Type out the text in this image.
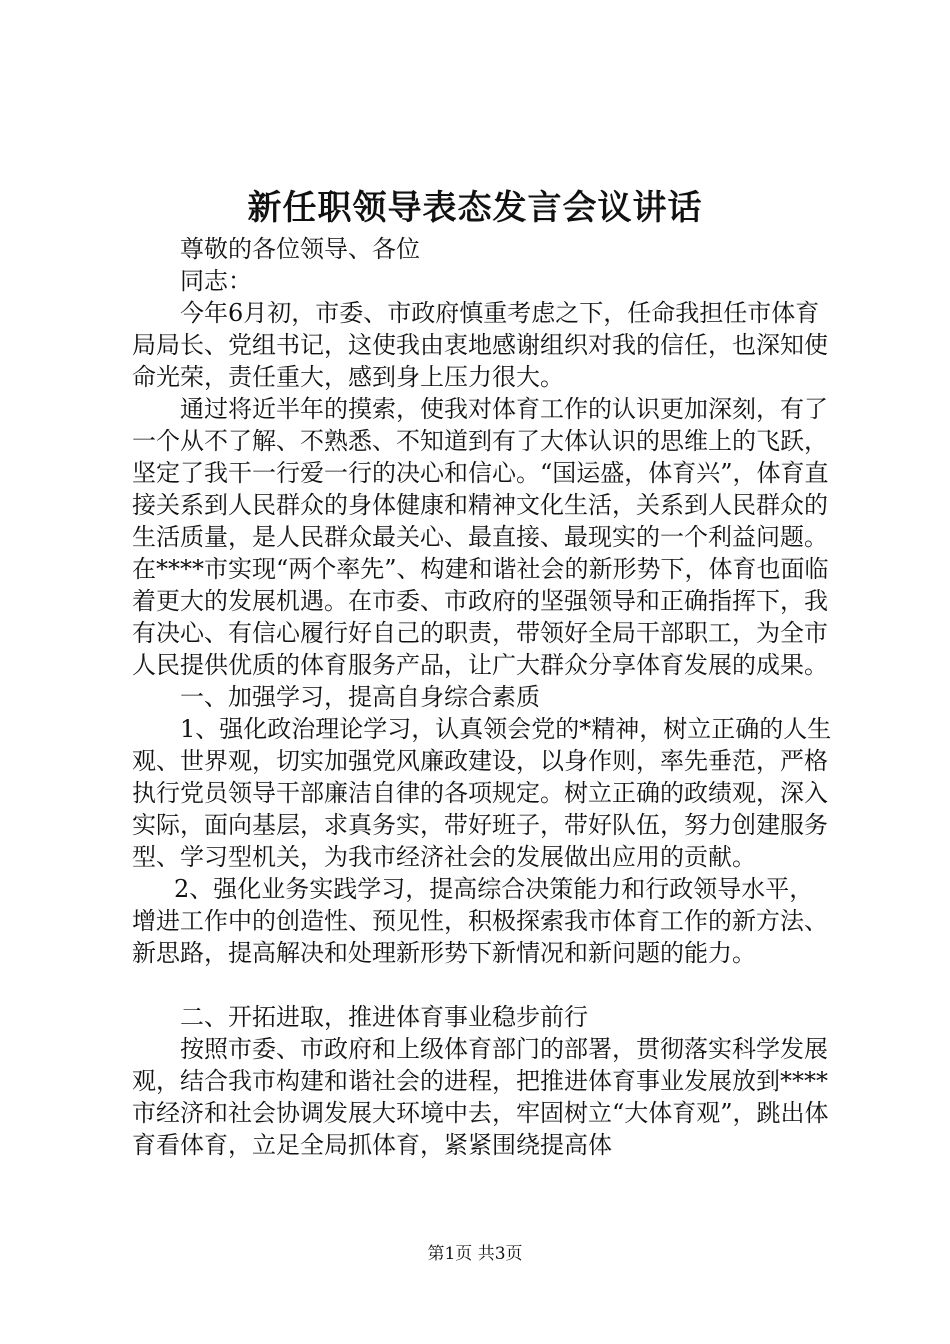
新任职领导表态发言会议讲话

尊敬的各位领导、各位

同志：

今年6月初，市委、市政府慎重考虑之下，任命我担任市体育局局长、党组书记，这使我由衷地感谢组织对我的信任，也深知使命光荣，责任重大，感到身上压力很大。

通过将近半年的摸索，使我对体育工作的认识更加深刻，有了一个从不了解、不熟悉、不知道到有了大体认识的思维上的飞跃，坚定了我干一行爱一行的决心和信心。“国运盛，体育兴”，体育直接关系到人民群众的身体健康和精神文化生活，关系到人民群众的生活质量，是人民群众最关心、最直接、最现实的一个利益问题。在****市实现“两个率先”、构建和谐社会的新形势下，体育也面临着更大的发展机遇。在市委、市政府的坚强领导和正确指挥下，我有决心、有信心履行好自己的职责，带领好全局干部职工，为全市人民提供优质的体育服务产品，让广大群众分享体育发展的成果。

一、加强学习，提高自身综合素质

1、强化政治理论学习，认真领会党的*精神，树立正确的人生观、世界观，切实加强党风廉政建设，以身作则，率先垂范，严格执行党员领导干部廉洁自律的各项规定。树立正确的政绩观，深入实际，面向基层，求真务实，带好班子，带好队伍，努力创建服务型、学习型机关，为我市经济社会的发展做出应用的贡献。

2、强化业务实践学习，提高综合决策能力和行政领导水平，增进工作中的创造性、预见性，积极探索我市体育工作的新方法、新思路，提高解决和处理新形势下新情况和新问题的能力。

二、开拓进取，推进体育事业稳步前行

按照市委、市政府和上级体育部门的部署，贯彻落实科学发展观，结合我市构建和谐社会的进程，把推进体育事业发展放到****市经济和社会协调发展大环境中去，牢固树立“大体育观”，跳出体育看体育，立足全局抓体育，紧紧围绕提高体

第1页 共3页
